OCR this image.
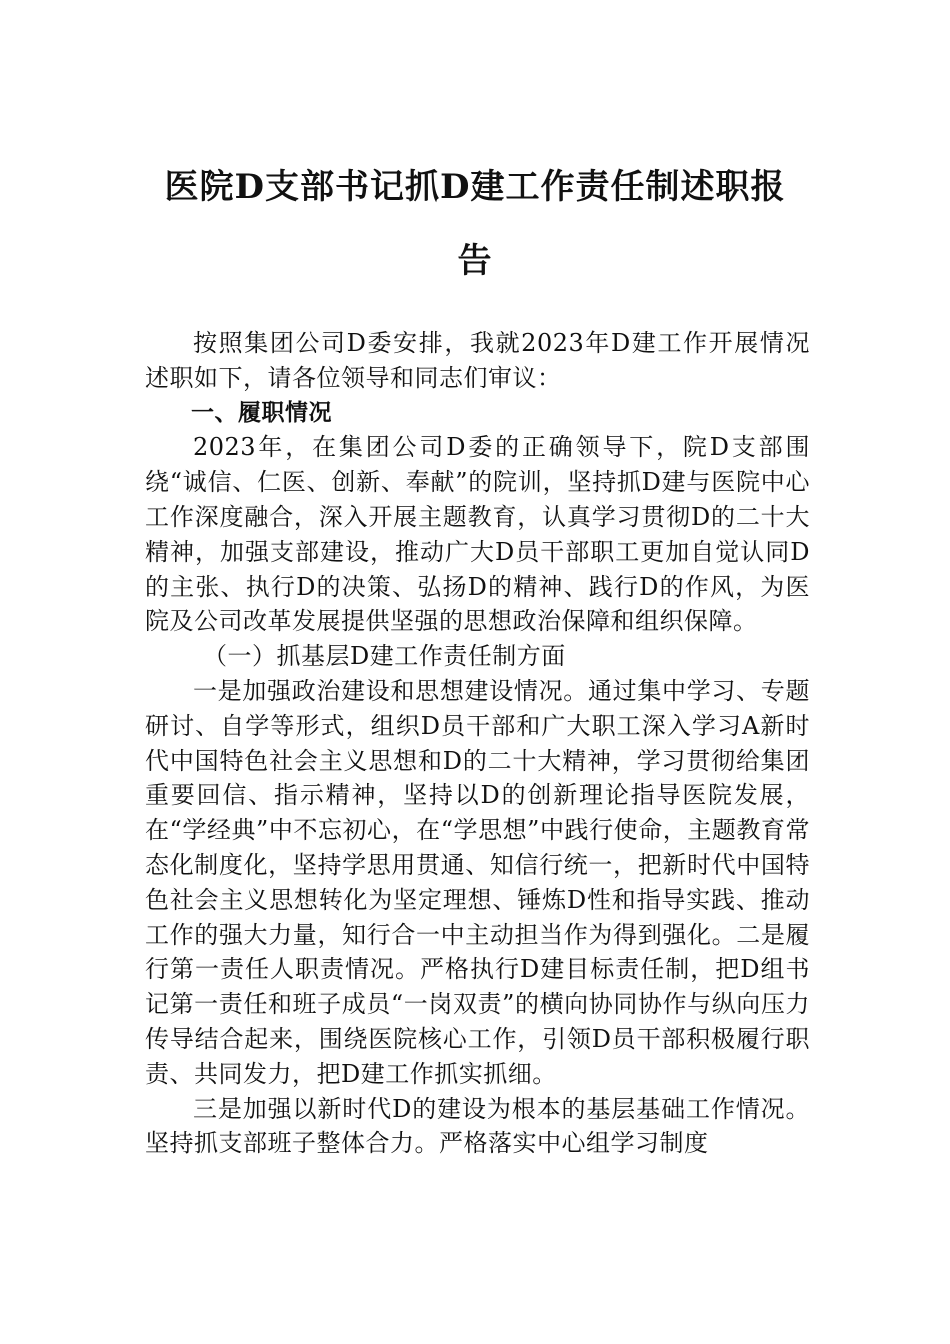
医院D支部书记抓D建工作责任制述职报
告

按照集团公司D委安排，我就2023年D建工作开展情况述职如下，请各位领导和同志们审议：

一、履职情况

2023年，在集团公司D委的正确领导下，院D支部围绕“诚信、仁医、创新、奉献”的院训，坚持抓D建与医院中心工作深度融合，深入开展主题教育，认真学习贯彻D的二十大精神，加强支部建设，推动广大D员干部职工更加自觉认同D的主张、执行D的决策、弘扬D的精神、践行D的作风，为医院及公司改革发展提供坚强的思想政治保障和组织保障。

（一）抓基层D建工作责任制方面

一是加强政治建设和思想建设情况。通过集中学习、专题研讨、自学等形式，组织D员干部和广大职工深入学习A新时代中国特色社会主义思想和D的二十大精神，学习贯彻给集团重要回信、指示精神，坚持以D的创新理论指导医院发展，在“学经典”中不忘初心，在“学思想”中践行使命，主题教育常态化制度化，坚持学思用贯通、知信行统一，把新时代中国特色社会主义思想转化为坚定理想、锤炼D性和指导实践、推动工作的强大力量，知行合一中主动担当作为得到强化。二是履行第一责任人职责情况。严格执行D建目标责任制，把D组书记第一责任和班子成员“一岗双责”的横向协同协作与纵向压力传导结合起来，围绕医院核心工作，引领D员干部积极履行职责、共同发力，把D建工作抓实抓细。

三是加强以新时代D的建设为根本的基层基础工作情况。坚持抓支部班子整体合力。严格落实中心组学习制度
